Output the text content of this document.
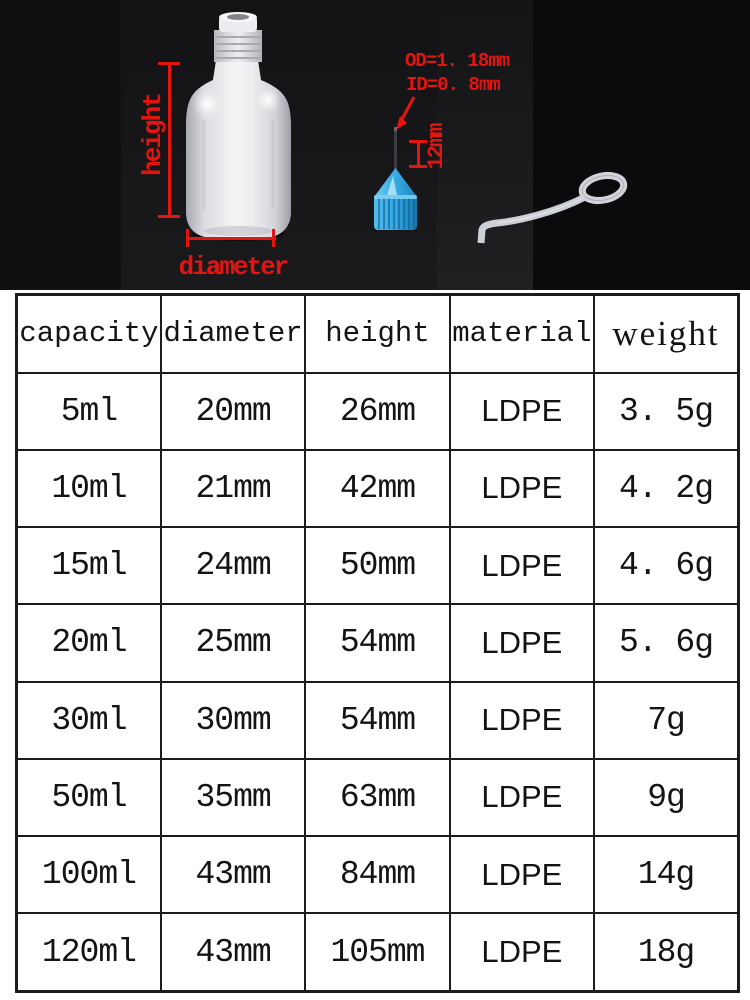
height
diameter
OD=1. 18mm
ID=0. 8mm
12mm
capacity	diameter	height	material	weight
5ml	20mm	26mm	LDPE	3. 5g
10ml	21mm	42mm	LDPE	4. 2g
15ml	24mm	50mm	LDPE	4. 6g
20ml	25mm	54mm	LDPE	5. 6g
30ml	30mm	54mm	LDPE	7g
50ml	35mm	63mm	LDPE	9g
100ml	43mm	84mm	LDPE	14g
120ml	43mm	105mm	LDPE	18g
